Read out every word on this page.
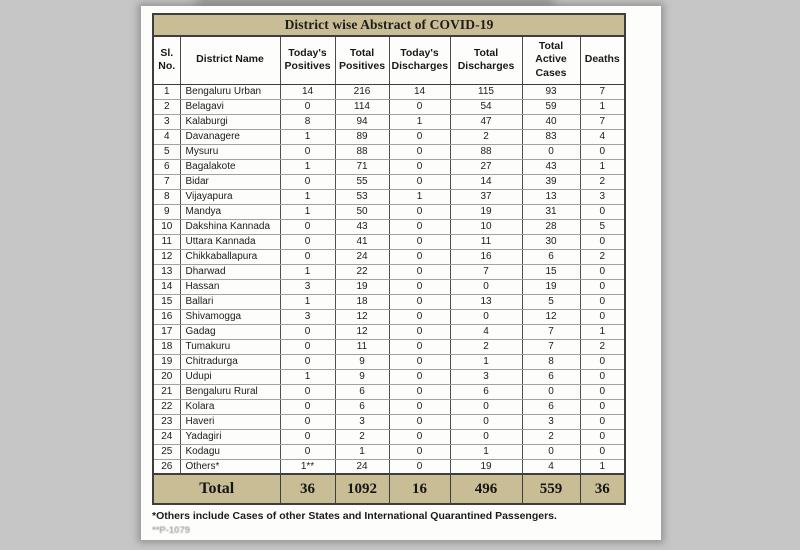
District wise Abstract of COVID-19							
Sl. No.	District Name	Today's Positives	Total Positives	Today's Discharges	Total Discharges	Total Active Cases	Deaths
1	Bengaluru Urban	14	216	14	115	93	7
2	Belagavi	0	114	0	54	59	1
3	Kalaburgi	8	94	1	47	40	7
4	Davanagere	1	89	0	2	83	4
5	Mysuru	0	88	0	88	0	0
6	Bagalakote	1	71	0	27	43	1
7	Bidar	0	55	0	14	39	2
8	Vijayapura	1	53	1	37	13	3
9	Mandya	1	50	0	19	31	0
10	Dakshina Kannada	0	43	0	10	28	5
11	Uttara Kannada	0	41	0	11	30	0
12	Chikkaballapura	0	24	0	16	6	2
13	Dharwad	1	22	0	7	15	0
14	Hassan	3	19	0	0	19	0
15	Ballari	1	18	0	13	5	0
16	Shivamogga	3	12	0	0	12	0
17	Gadag	0	12	0	4	7	1
18	Tumakuru	0	11	0	2	7	2
19	Chitradurga	0	9	0	1	8	0
20	Udupi	1	9	0	3	6	0
21	Bengaluru Rural	0	6	0	6	0	0
22	Kolara	0	6	0	0	6	0
23	Haveri	0	3	0	0	3	0
24	Yadagiri	0	2	0	0	2	0
25	Kodagu	0	1	0	1	0	0
26	Others*	1**	24	0	19	4	1
Total		36	1092	16	496	559	36
*Others include Cases of other States and International Quarantined Passengers.
**P-1079
